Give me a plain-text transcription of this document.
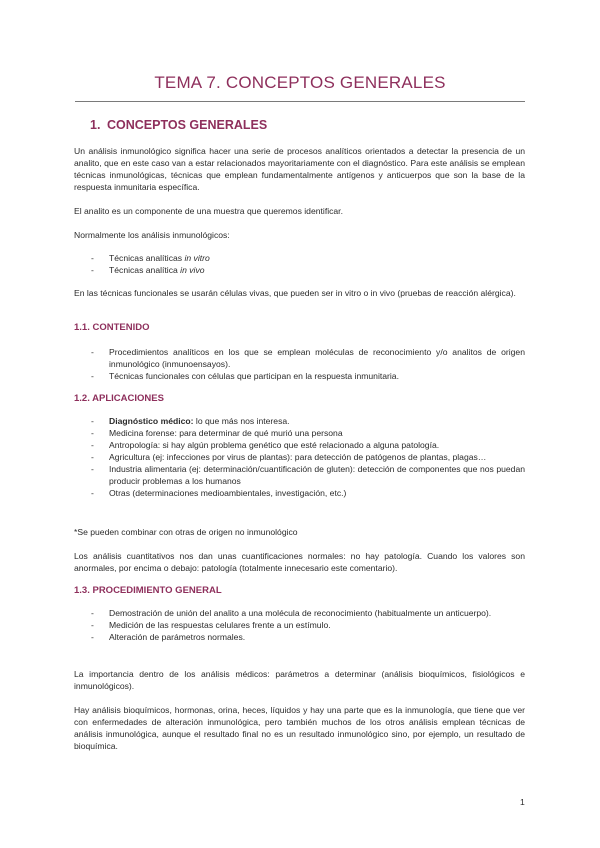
TEMA 7. CONCEPTOS GENERALES
1. CONCEPTOS GENERALES
Un análisis inmunológico significa hacer una serie de procesos analíticos orientados a detectar la presencia de un analito, que en este caso van a estar relacionados mayoritariamente con el diagnóstico. Para este análisis se emplean técnicas inmunológicas, técnicas que emplean fundamentalmente antígenos y anticuerpos que son la base de la respuesta inmunitaria específica.
El analito es un componente de una muestra que queremos identificar.
Normalmente los análisis inmunológicos:
- Técnicas analíticas in vitro
- Técnicas analítica in vivo
En las técnicas funcionales se usarán células vivas, que pueden ser in vitro o in vivo (pruebas de reacción alérgica).
1.1. CONTENIDO
- Procedimientos analíticos en los que se emplean moléculas de reconocimiento y/o analitos de origen inmunológico (inmunoensayos).
- Técnicas funcionales con células que participan en la respuesta inmunitaria.
1.2. APLICACIONES
- Diagnóstico médico: lo que más nos interesa.
- Medicina forense: para determinar de qué murió una persona
- Antropología: si hay algún problema genético que esté relacionado a alguna patología.
- Agricultura (ej: infecciones por virus de plantas): para detección de patógenos de plantas, plagas…
- Industria alimentaria (ej: determinación/cuantificación de gluten): detección de componentes que nos puedan producir problemas a los humanos
- Otras (determinaciones medioambientales, investigación, etc.)
*Se pueden combinar con otras de origen no inmunológico
Los análisis cuantitativos nos dan unas cuantificaciones normales: no hay patología. Cuando los valores son anormales, por encima o debajo: patología (totalmente innecesario este comentario).
1.3. PROCEDIMIENTO GENERAL
- Demostración de unión del analito a una molécula de reconocimiento (habitualmente un anticuerpo).
- Medición de las respuestas celulares frente a un estímulo.
- Alteración de parámetros normales.
La importancia dentro de los análisis médicos: parámetros a determinar (análisis bioquímicos, fisiológicos e inmunológicos).
Hay análisis bioquímicos, hormonas, orina, heces, líquidos y hay una parte que es la inmunología, que tiene que ver con enfermedades de alteración inmunológica, pero también muchos de los otros análisis emplean técnicas de análisis inmunológica, aunque el resultado final no es un resultado inmunológico sino, por ejemplo, un resultado de bioquímica.
1
